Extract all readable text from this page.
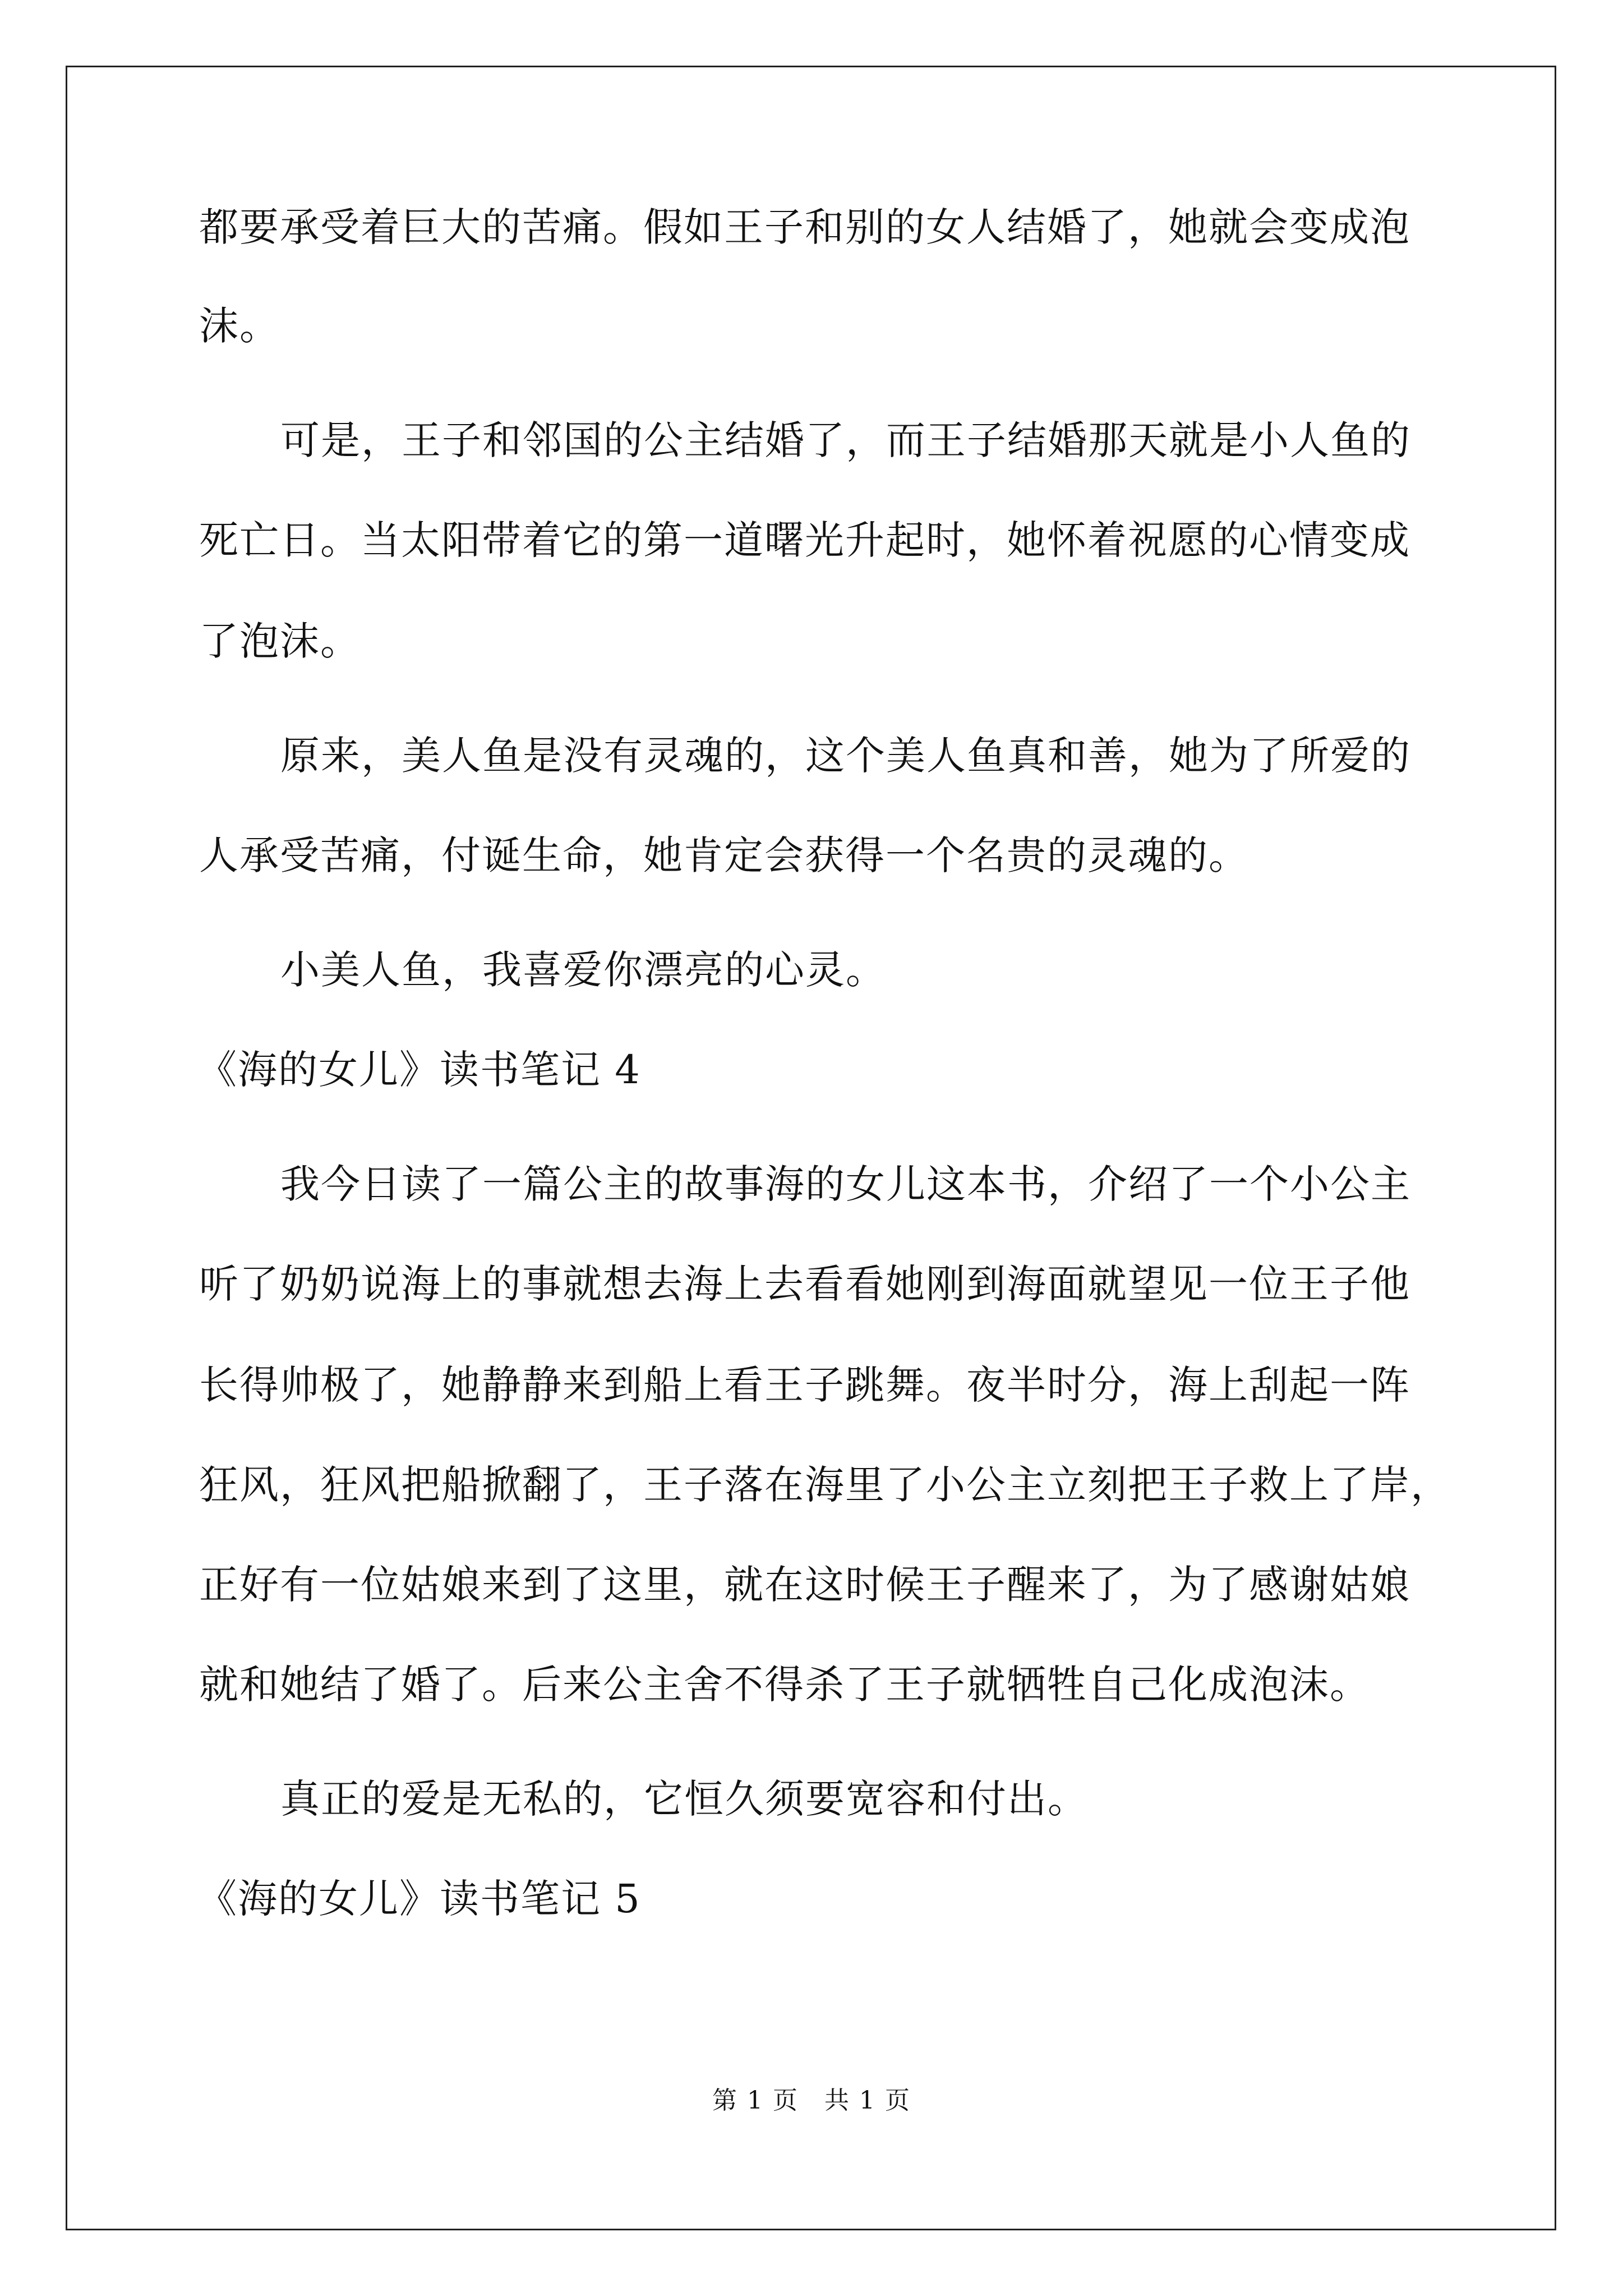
都要承受着巨大的苦痛。假如王子和别的女人结婚了，她就会变成泡
沫。
可是，王子和邻国的公主结婚了，而王子结婚那天就是小人鱼的
死亡日。当太阳带着它的第一道曙光升起时，她怀着祝愿的心情变成
了泡沫。
原来，美人鱼是没有灵魂的，这个美人鱼真和善，她为了所爱的
人承受苦痛，付诞生命，她肯定会获得一个名贵的灵魂的。
小美人鱼，我喜爱你漂亮的心灵。
《海的女儿》读书笔记 4
我今日读了一篇公主的故事海的女儿这本书，介绍了一个小公主
听了奶奶说海上的事就想去海上去看看她刚到海面就望见一位王子他
长得帅极了，她静静来到船上看王子跳舞。夜半时分，海上刮起一阵
狂风，狂风把船掀翻了，王子落在海里了小公主立刻把王子救上了岸，
正好有一位姑娘来到了这里，就在这时候王子醒来了，为了感谢姑娘
就和她结了婚了。后来公主舍不得杀了王子就牺牲自己化成泡沫。
真正的爱是无私的，它恒久须要宽容和付出。
《海的女儿》读书笔记 5
第 1 页　共 1 页
